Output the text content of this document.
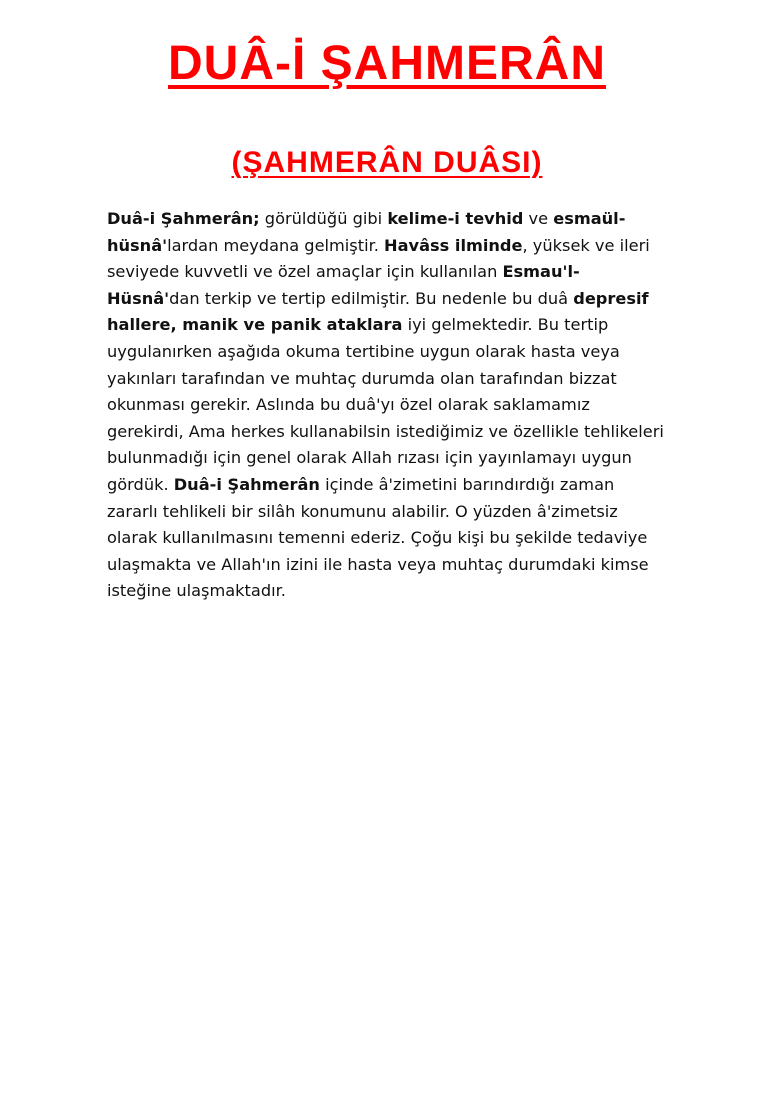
DUÂ-İ ŞAHMERÂN
(ŞAHMERÂN DUÂSI)

Duâ-i Şahmerân; görüldüğü gibi kelime-i tevhid ve esmaül-hüsnâ'lardan meydana gelmiştir. Havâss ilminde, yüksek ve ileri seviyede kuvvetli ve özel amaçlar için kullanılan Esmau'l-Hüsnâ'dan terkip ve tertip edilmiştir. Bu nedenle bu duâ depresif hallere, manik ve panik ataklara iyi gelmektedir. Bu tertip uygulanırken aşağıda okuma tertibine uygun olarak hasta veya yakınları tarafından ve muhtaç durumda olan tarafından bizzat okunması gerekir. Aslında bu duâ'yı özel olarak saklamamız gerekirdi, Ama herkes kullanabilsin istediğimiz ve özellikle tehlikeleri bulunmadığı için genel olarak Allah rızası için yayınlamayı uygun gördük. Duâ-i Şahmerân içinde â'zimetini barındırdığı zaman zararlı tehlikeli bir silâh konumunu alabilir. O yüzden â'zimetsiz olarak kullanılmasını temenni ederiz. Çoğu kişi bu şekilde tedaviye ulaşmakta ve Allah'ın izini ile hasta veya muhtaç durumdaki kimse isteğine ulaşmaktadır.
